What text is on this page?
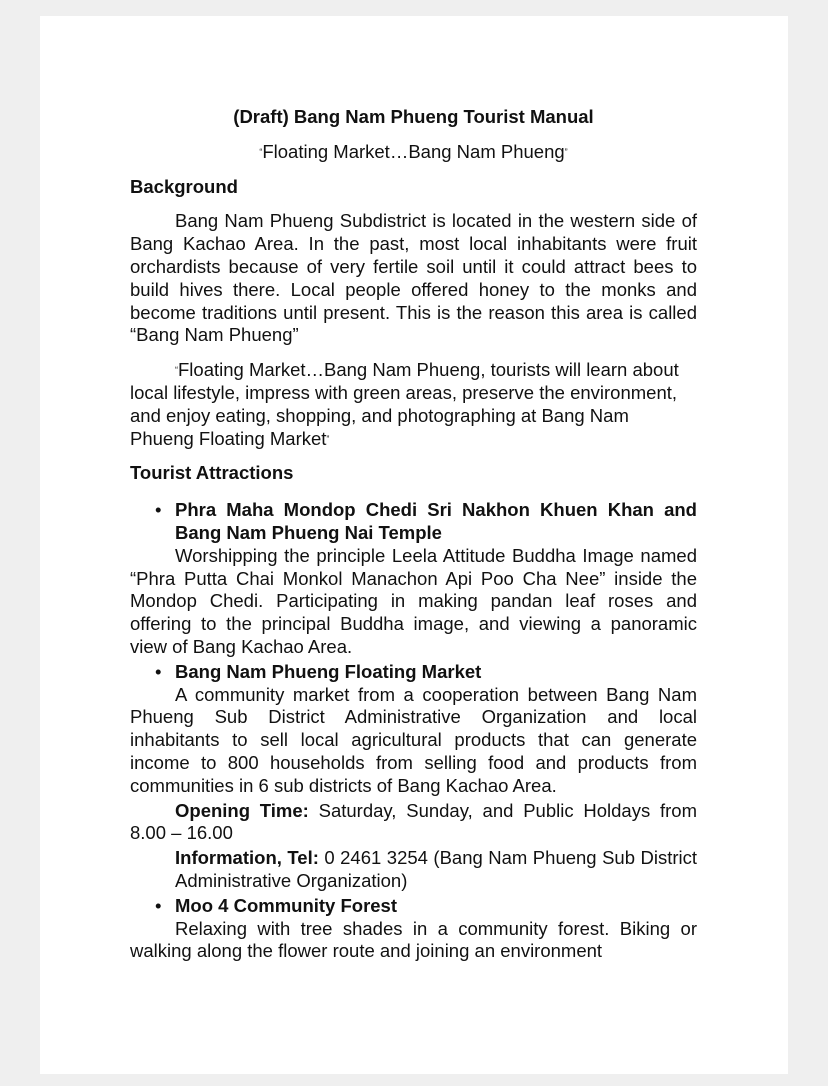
(Draft) Bang Nam Phueng Tourist Manual

“Floating Market…Bang Nam Phueng”

Background

Bang Nam Phueng Subdistrict is located in the western side of Bang Kachao Area. In the past, most local inhabitants were fruit orchardists because of very fertile soil until it could attract bees to build hives there. Local people offered honey to the monks and become traditions until present. This is the reason this area is called “Bang Nam Phueng”

“Floating Market…Bang Nam Phueng, tourists will learn about local lifestyle, impress with green areas, preserve the environment, and enjoy eating, shopping, and photographing at Bang Nam Phueng Floating Market”

Tourist Attractions

• Phra Maha Mondop Chedi Sri Nakhon Khuen Khan and Bang Nam Phueng Nai Temple

Worshipping the principle Leela Attitude Buddha Image named “Phra Putta Chai Monkol Manachon Api Poo Cha Nee” inside the Mondop Chedi. Participating in making pandan leaf roses and offering to the principal Buddha image, and viewing a panoramic view of Bang Kachao Area.

• Bang Nam Phueng Floating Market

A community market from a cooperation between Bang Nam Phueng Sub District Administrative Organization and local inhabitants to sell local agricultural products that can generate income to 800 households from selling food and products from communities in 6 sub districts of Bang Kachao Area.

Opening Time: Saturday, Sunday, and Public Holdays from 8.00 – 16.00

Information, Tel: 0 2461 3254 (Bang Nam Phueng Sub District Administrative Organization)

• Moo 4 Community Forest

Relaxing with tree shades in a community forest. Biking or walking along the flower route and joining an environment
